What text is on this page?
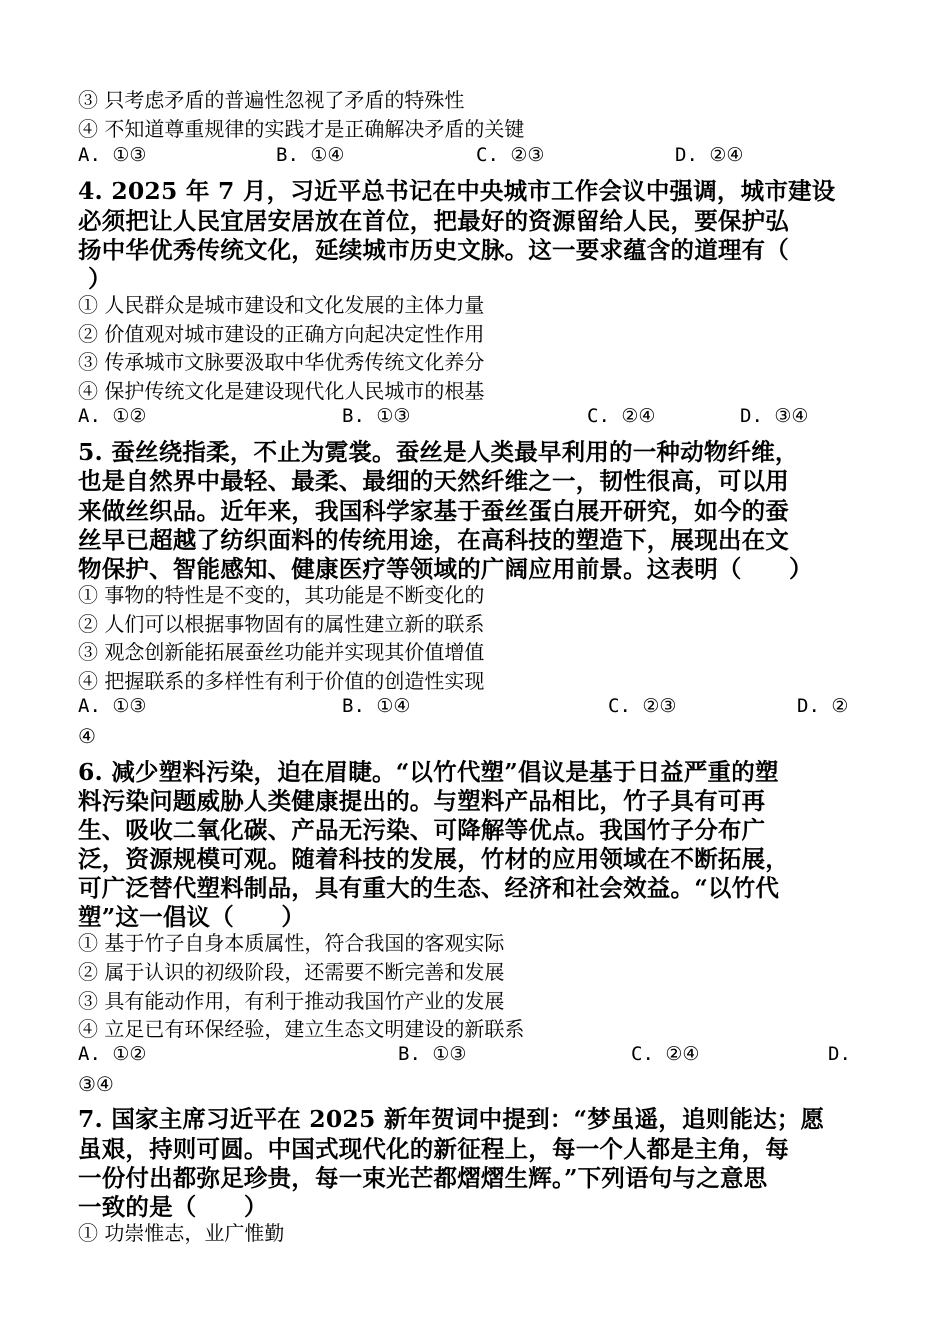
③ 只考虑矛盾的普遍性忽视了矛盾的特殊性
④ 不知道尊重规律的实践才是正确解决矛盾的关键
A. ①③	B. ①④	C. ②③	D. ②④
4. 2025 年 7 月，习近平总书记在中央城市工作会议中强调，城市建设
必须把让人民宜居安居放在首位，把最好的资源留给人民，要保护弘
扬中华优秀传统文化，延续城市历史文脉。这一要求蕴含的道理有（
）
① 人民群众是城市建设和文化发展的主体力量
② 价值观对城市建设的正确方向起决定性作用
③ 传承城市文脉要汲取中华优秀传统文化养分
④ 保护传统文化是建设现代化人民城市的根基
A. ①②	B. ①③	C. ②④	D. ③④
5. 蚕丝绕指柔，不止为霓裳。蚕丝是人类最早利用的一种动物纤维，
也是自然界中最轻、最柔、最细的天然纤维之一，韧性很高，可以用
来做丝织品。近年来，我国科学家基于蚕丝蛋白展开研究，如今的蚕
丝早已超越了纺织面料的传统用途，在高科技的塑造下，展现出在文
物保护、智能感知、健康医疗等领域的广阔应用前景。这表明（　　）
① 事物的特性是不变的，其功能是不断变化的
② 人们可以根据事物固有的属性建立新的联系
③ 观念创新能拓展蚕丝功能并实现其价值增值
④ 把握联系的多样性有利于价值的创造性实现
A. ①③	B. ①④	C. ②③	D. ②
④
6. 减少塑料污染，迫在眉睫。“以竹代塑”倡议是基于日益严重的塑
料污染问题威胁人类健康提出的。与塑料产品相比，竹子具有可再
生、吸收二氧化碳、产品无污染、可降解等优点。我国竹子分布广
泛，资源规模可观。随着科技的发展，竹材的应用领域在不断拓展，
可广泛替代塑料制品，具有重大的生态、经济和社会效益。“以竹代
塑”这一倡议（　　）
① 基于竹子自身本质属性，符合我国的客观实际
② 属于认识的初级阶段，还需要不断完善和发展
③ 具有能动作用，有利于推动我国竹产业的发展
④ 立足已有环保经验，建立生态文明建设的新联系
A. ①②	B. ①③	C. ②④	D.
③④
7. 国家主席习近平在 2025 新年贺词中提到：“梦虽遥，追则能达；愿
虽艰，持则可圆。中国式现代化的新征程上，每一个人都是主角，每
一份付出都弥足珍贵，每一束光芒都熠熠生辉。”下列语句与之意思
一致的是（　　）
① 功崇惟志，业广惟勤
